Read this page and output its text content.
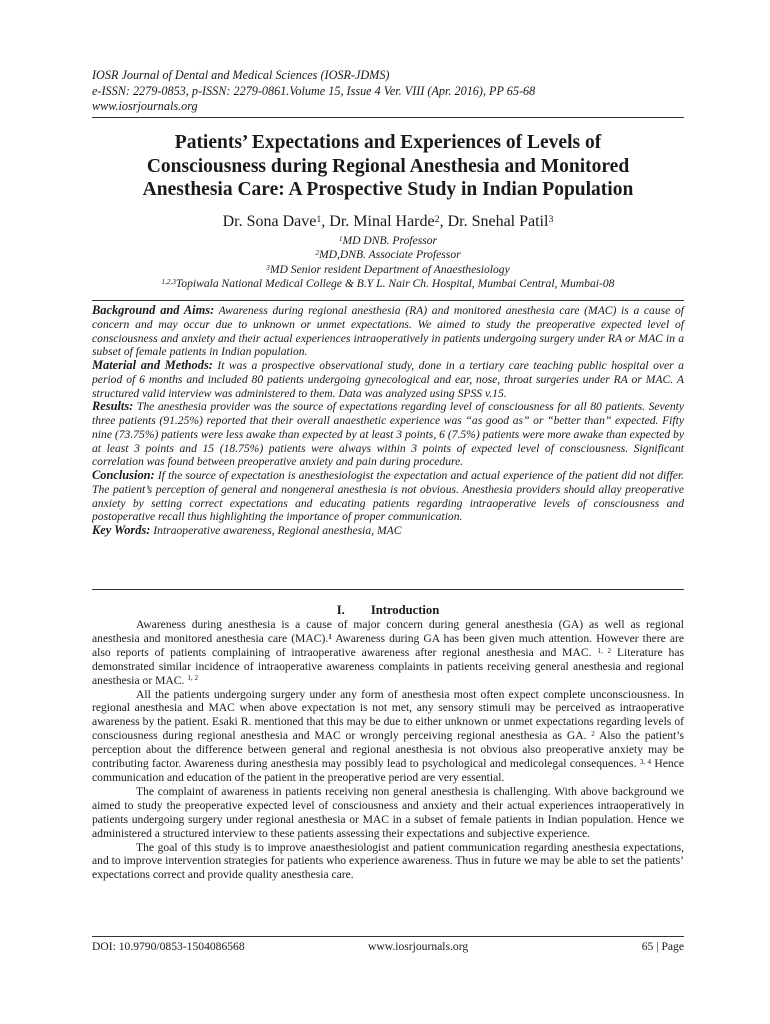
IOSR Journal of Dental and Medical Sciences (IOSR-JDMS)
e-ISSN: 2279-0853, p-ISSN: 2279-0861.Volume 15, Issue 4 Ver. VIII (Apr. 2016), PP 65-68
www.iosrjournals.org
Patients’ Expectations and Experiences of Levels of
Consciousness during Regional Anesthesia and Monitored
Anesthesia Care: A Prospective Study in Indian Population
Dr. Sona Dave$^1$, Dr. Minal Harde$^2$, Dr. Snehal Patil$^3$
$^1$MD DNB. Professor
$^2$MD,DNB. Associate Professor
$^3$MD Senior resident Department of Anaesthesiology
$^{1,2,3}$Topiwala National Medical College & B.Y L. Nair Ch. Hospital, Mumbai Central, Mumbai-08

Background and Aims: Awareness during regional anesthesia (RA) and monitored anesthesia care (MAC) is a cause of concern and may occur due to unknown or unmet expectations. We aimed to study the preoperative expected level of consciousness and anxiety and their actual experiences intraoperatively in patients undergoing surgery under RA or MAC in a subset of female patients in Indian population.

Material and Methods: It was a prospective observational study, done in a tertiary care teaching public hospital over a period of 6 months and included 80 patients undergoing gynecological and ear, nose, throat surgeries under RA or MAC. A structured valid interview was administered to them. Data was analyzed using SPSS v.15.

Results: The anesthesia provider was the source of expectations regarding level of consciousness for all 80 patients. Seventy three patients (91.25%) reported that their overall anaesthetic experience was “as good as” or “better than” expected. Fifty nine (73.75%) patients were less awake than expected by at least 3 points, 6 (7.5%) patients were more awake than expected by at least 3 points and 15 (18.75%) patients were always within 3 points of expected level of consciousness. Significant correlation was found between preoperative anxiety and pain during procedure.

Conclusion: If the source of expectation is anesthesiologist the expectation and actual experience of the patient did not differ. The patient’s perception of general and nongeneral anesthesia is not obvious. Anesthesia providers should allay preoperative anxiety by setting correct expectations and educating patients regarding intraoperative levels of consciousness and postoperative recall thus highlighting the importance of proper communication.

Key Words: Intraoperative awareness, Regional anesthesia, MAC

I. Introduction

Awareness during anesthesia is a cause of major concern during general anesthesia (GA) as well as regional anesthesia and monitored anesthesia care (MAC).$^1$ Awareness during GA has been given much attention. However there are also reports of patients complaining of intraoperative awareness after regional anesthesia and MAC. $^{1, 2}$ Literature has demonstrated similar incidence of intraoperative awareness complaints in patients receiving general anesthesia and regional anesthesia or MAC. $^{1, 2}$

All the patients undergoing surgery under any form of anesthesia most often expect complete unconsciousness. In regional anesthesia and MAC when above expectation is not met, any sensory stimuli may be perceived as intraoperative awareness by the patient. Esaki R. mentioned that this may be due to either unknown or unmet expectations regarding levels of consciousness during regional anesthesia and MAC or wrongly perceiving regional anesthesia as GA. $^2$ Also the patient’s perception about the difference between general and regional anesthesia is not obvious also preoperative anxiety may be contributing factor. Awareness during anesthesia may possibly lead to psychological and medicolegal consequences. $^{3, 4}$ Hence communication and education of the patient in the preoperative period are very essential.

The complaint of awareness in patients receiving non general anesthesia is challenging. With above background we aimed to study the preoperative expected level of consciousness and anxiety and their actual experiences intraoperatively in patients undergoing surgery under regional anesthesia or MAC in a subset of female patients in Indian population. Hence we administered a structured interview to these patients assessing their expectations and subjective experience.

The goal of this study is to improve anaesthesiologist and patient communication regarding anesthesia expectations, and to improve intervention strategies for patients who experience awareness. Thus in future we may be able to set the patients’ expectations correct and provide quality anesthesia care.

DOI: 10.9790/0853-1504086568	www.iosrjournals.org	65 | Page
